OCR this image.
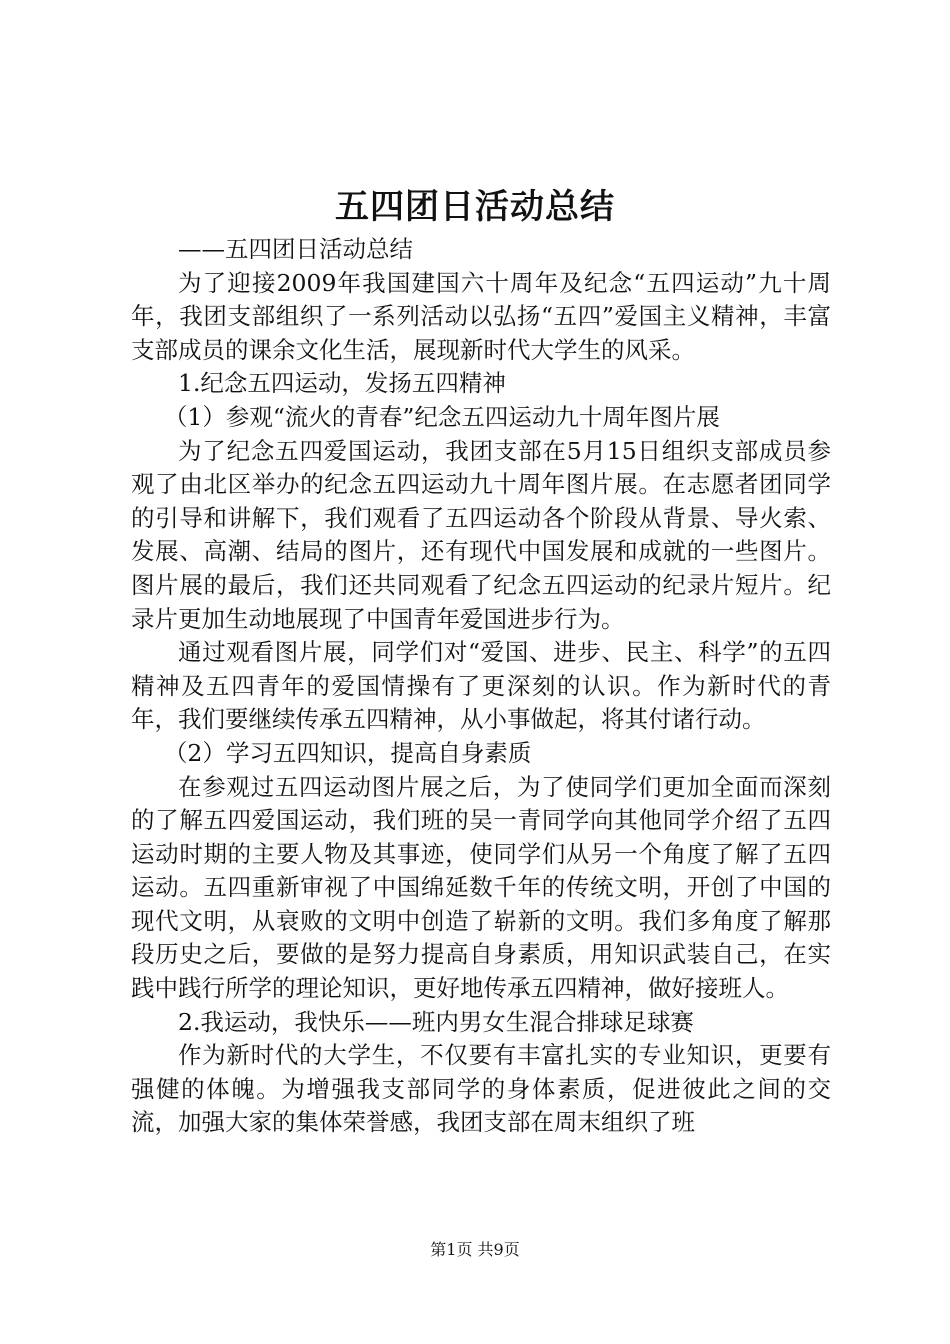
五四团日活动总结

——五四团日活动总结

为了迎接2009年我国建国六十周年及纪念“五四运动”九十周年，我团支部组织了一系列活动以弘扬“五四”爱国主义精神，丰富支部成员的课余文化生活，展现新时代大学生的风采。

1.纪念五四运动，发扬五四精神

（1）参观“流火的青春”纪念五四运动九十周年图片展

为了纪念五四爱国运动，我团支部在5月15日组织支部成员参观了由北区举办的纪念五四运动九十周年图片展。在志愿者团同学的引导和讲解下，我们观看了五四运动各个阶段从背景、导火索、发展、高潮、结局的图片，还有现代中国发展和成就的一些图片。图片展的最后，我们还共同观看了纪念五四运动的纪录片短片。纪录片更加生动地展现了中国青年爱国进步行为。

通过观看图片展，同学们对“爱国、进步、民主、科学”的五四精神及五四青年的爱国情操有了更深刻的认识。作为新时代的青年，我们要继续传承五四精神，从小事做起，将其付诸行动。

（2）学习五四知识，提高自身素质

在参观过五四运动图片展之后，为了使同学们更加全面而深刻的了解五四爱国运动，我们班的吴一青同学向其他同学介绍了五四运动时期的主要人物及其事迹，使同学们从另一个角度了解了五四运动。五四重新审视了中国绵延数千年的传统文明，开创了中国的现代文明，从衰败的文明中创造了崭新的文明。我们多角度了解那段历史之后，要做的是努力提高自身素质，用知识武装自己，在实践中践行所学的理论知识，更好地传承五四精神，做好接班人。

2.我运动，我快乐——班内男女生混合排球足球赛

作为新时代的大学生，不仅要有丰富扎实的专业知识，更要有强健的体魄。为增强我支部同学的身体素质，促进彼此之间的交流，加强大家的集体荣誉感，我团支部在周末组织了班

第1页 共9页
